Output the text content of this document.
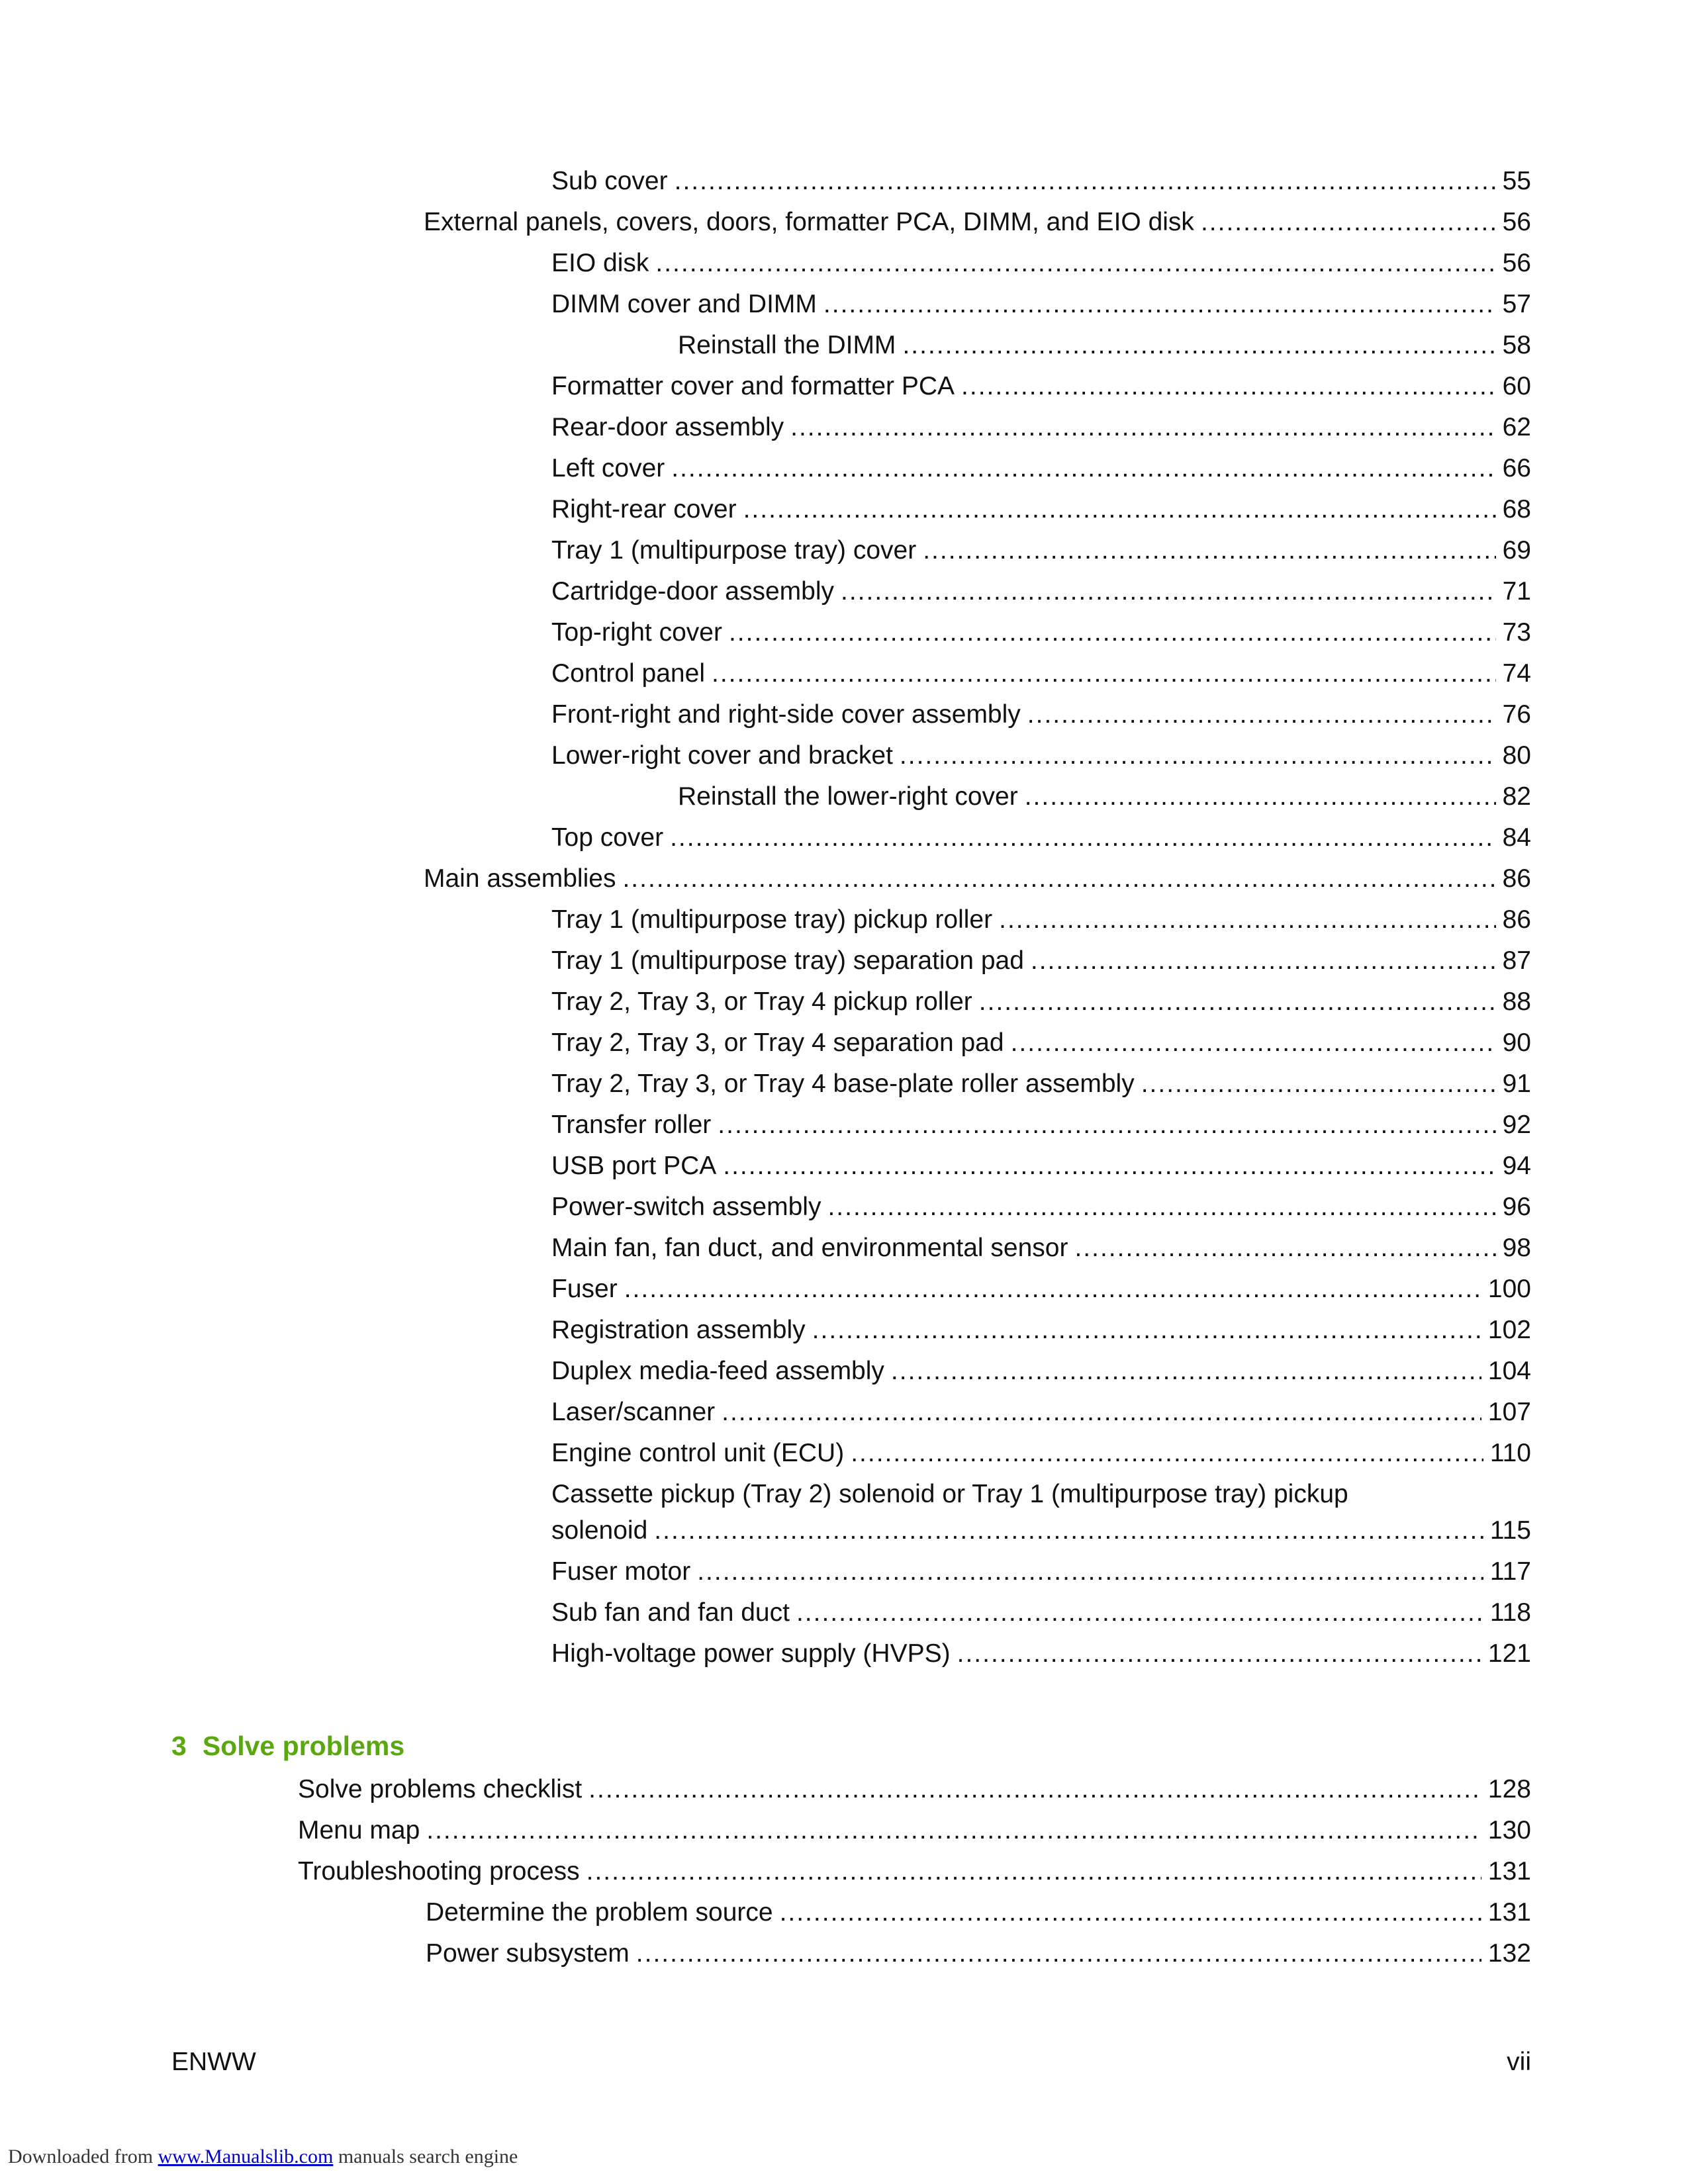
Sub cover .....	55
External panels, covers, doors, formatter PCA, DIMM, and EIO disk .....	56
EIO disk .....	56
DIMM cover and DIMM .....	57
Reinstall the DIMM .....	58
Formatter cover and formatter PCA .....	60
Rear-door assembly .....	62
Left cover .....	66
Right-rear cover .....	68
Tray 1 (multipurpose tray) cover .....	69
Cartridge-door assembly .....	71
Top-right cover .....	73
Control panel .....	74
Front-right and right-side cover assembly .....	76
Lower-right cover and bracket .....	80
Reinstall the lower-right cover .....	82
Top cover .....	84
Main assemblies .....	86
Tray 1 (multipurpose tray) pickup roller .....	86
Tray 1 (multipurpose tray) separation pad .....	87
Tray 2, Tray 3, or Tray 4 pickup roller .....	88
Tray 2, Tray 3, or Tray 4 separation pad .....	90
Tray 2, Tray 3, or Tray 4 base-plate roller assembly .....	91
Transfer roller .....	92
USB port PCA .....	94
Power-switch assembly .....	96
Main fan, fan duct, and environmental sensor .....	98
Fuser .....	100
Registration assembly .....	102
Duplex media-feed assembly .....	104
Laser/scanner .....	107
Engine control unit (ECU) .....	110
Cassette pickup (Tray 2) solenoid or Tray 1 (multipurpose tray) pickup
solenoid .....	115
Fuser motor .....	117
Sub fan and fan duct .....	118
High-voltage power supply (HVPS) .....	121
3 Solve problems
Solve problems checklist .....	128
Menu map .....	130
Troubleshooting process .....	131
Determine the problem source .....	131
Power subsystem .....	132
ENWW	vii
Downloaded from www.Manualslib.com manuals search engine
